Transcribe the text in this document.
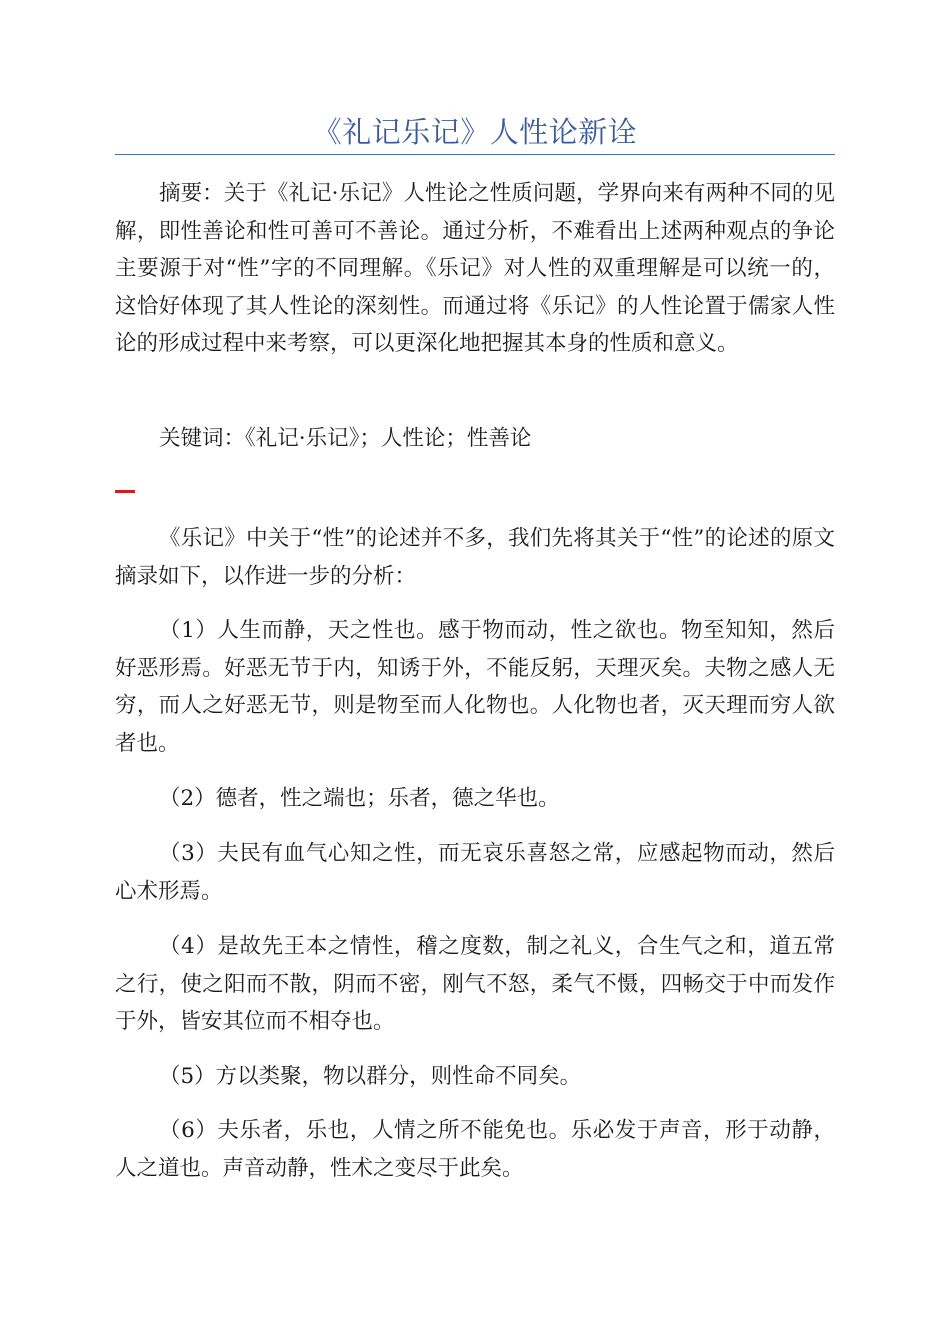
《礼记乐记》人性论新诠

摘要：关于《礼记·乐记》人性论之性质问题，学界向来有两种不同的见解，即性善论和性可善可不善论。通过分析，不难看出上述两种观点的争论主要源于对“性”字的不同理解。《乐记》对人性的双重理解是可以统一的，这恰好体现了其人性论的深刻性。而通过将《乐记》的人性论置于儒家人性论的形成过程中来考察，可以更深化地把握其本身的性质和意义。

关键词：《礼记·乐记》；人性论；性善论

《乐记》中关于“性”的论述并不多，我们先将其关于“性”的论述的原文摘录如下，以作进一步的分析：

（1）人生而静，天之性也。感于物而动，性之欲也。物至知知，然后好恶形焉。好恶无节于内，知诱于外，不能反躬，天理灭矣。夫物之感人无穷，而人之好恶无节，则是物至而人化物也。人化物也者，灭天理而穷人欲者也。

（2）德者，性之端也；乐者，德之华也。

（3）夫民有血气心知之性，而无哀乐喜怒之常，应感起物而动，然后心术形焉。

（4）是故先王本之情性，稽之度数，制之礼义，合生气之和，道五常之行，使之阳而不散，阴而不密，刚气不怒，柔气不慑，四畅交于中而发作于外，皆安其位而不相夺也。

（5）方以类聚，物以群分，则性命不同矣。

（6）夫乐者，乐也，人情之所不能免也。乐必发于声音，形于动静，人之道也。声音动静，性术之变尽于此矣。
